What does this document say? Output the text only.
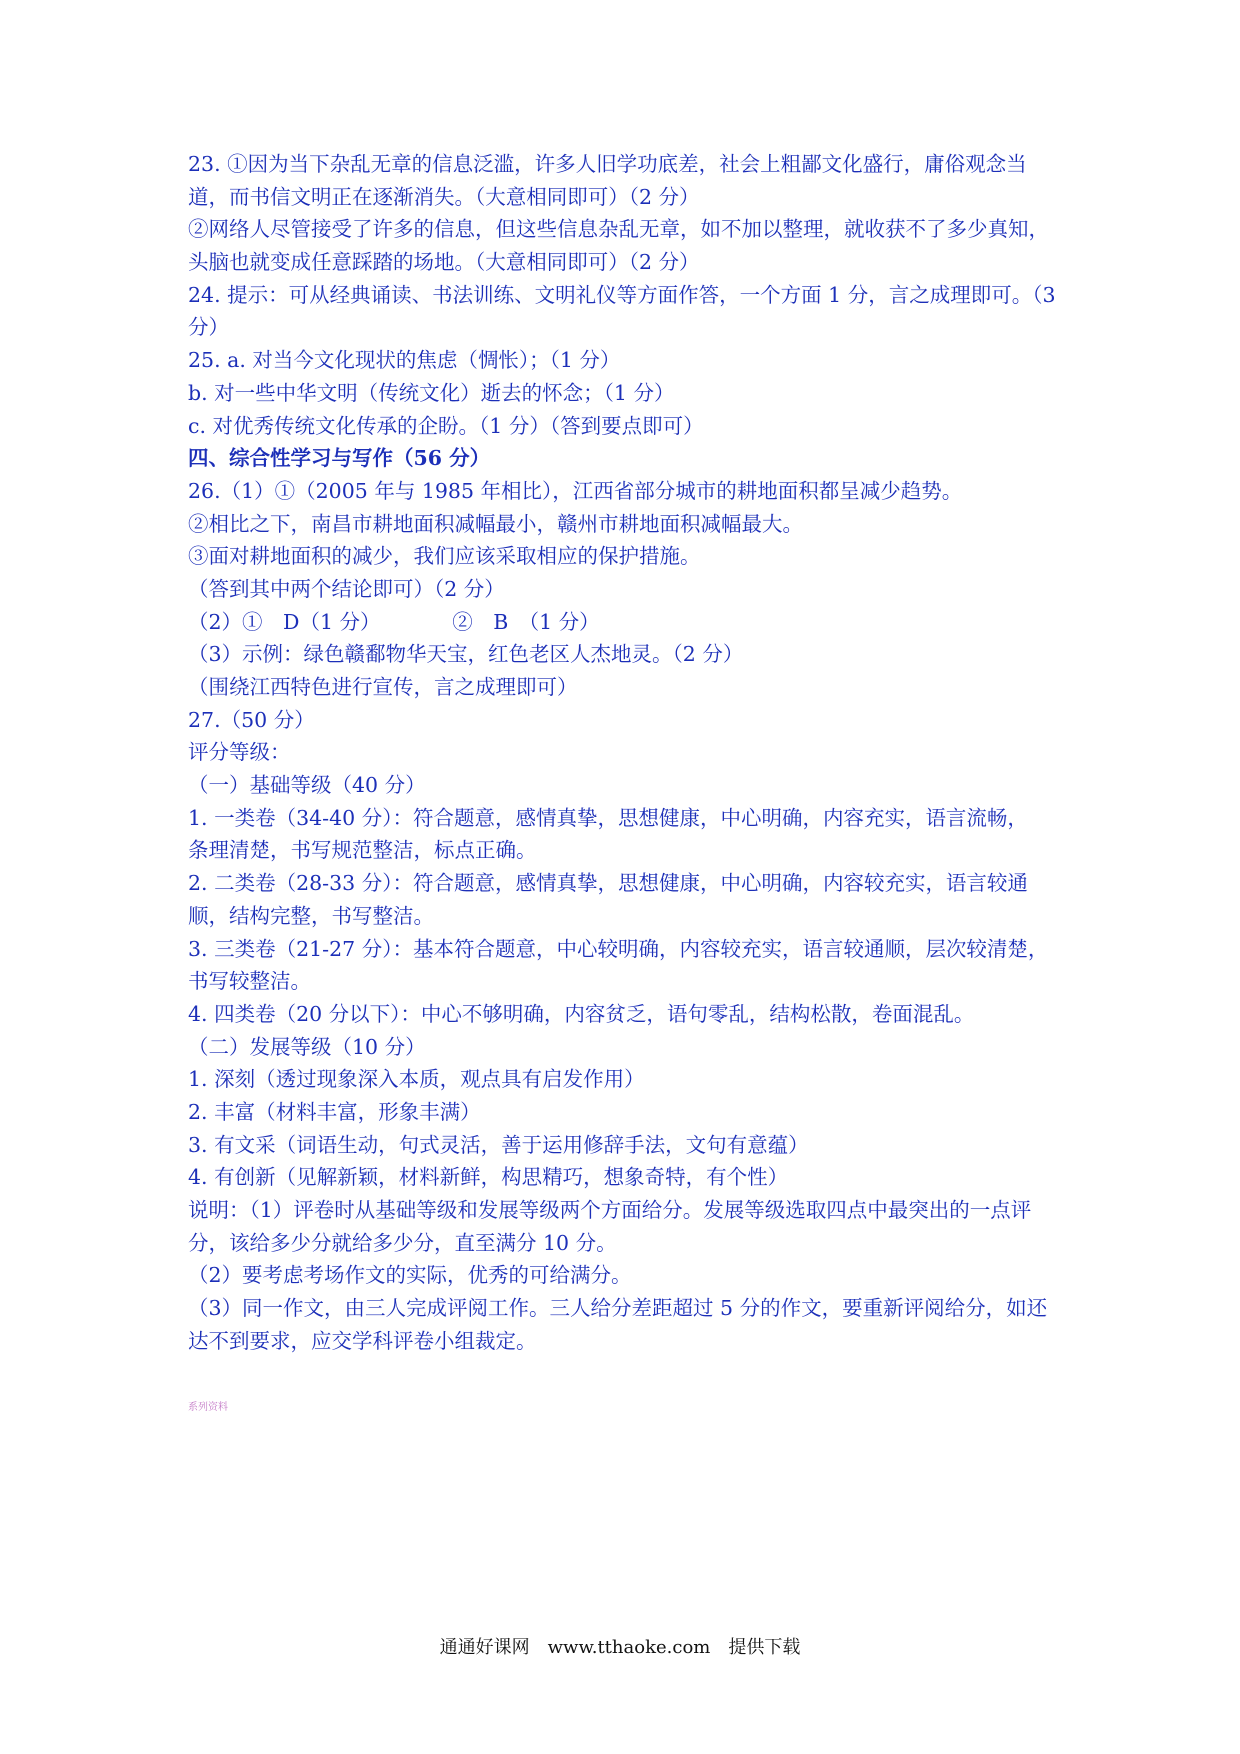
23. ①因为当下杂乱无章的信息泛滥，许多人旧学功底差，社会上粗鄙文化盛行，庸俗观念当
道，而书信文明正在逐渐消失。（大意相同即可）（2 分）
②网络人尽管接受了许多的信息，但这些信息杂乱无章，如不加以整理，就收获不了多少真知，
头脑也就变成任意踩踏的场地。（大意相同即可）（2 分）
24. 提示：可从经典诵读、书法训练、文明礼仪等方面作答，一个方面 1 分，言之成理即可。（3
分）
25. a. 对当今文化现状的焦虑（惆怅）；（1 分）
b. 对一些中华文明（传统文化）逝去的怀念；（1 分）
c. 对优秀传统文化传承的企盼。（1 分）（答到要点即可）
四、综合性学习与写作（56 分）
26.（1）①（2005 年与 1985 年相比），江西省部分城市的耕地面积都呈减少趋势。
②相比之下，南昌市耕地面积减幅最小，赣州市耕地面积减幅最大。
③面对耕地面积的减少，我们应该采取相应的保护措施。
（答到其中两个结论即可）（2 分）
（2）①　D（1 分）　　　　②　B　（1 分）
（3）示例：绿色赣鄱物华天宝，红色老区人杰地灵。（2 分）
（围绕江西特色进行宣传，言之成理即可）
27.（50 分）
评分等级：
（一）基础等级（40 分）
1. 一类卷（34-40 分）：符合题意，感情真挚，思想健康，中心明确，内容充实，语言流畅，
条理清楚，书写规范整洁，标点正确。
2. 二类卷（28-33 分）：符合题意，感情真挚，思想健康，中心明确，内容较充实，语言较通
顺，结构完整，书写整洁。
3. 三类卷（21-27 分）：基本符合题意，中心较明确，内容较充实，语言较通顺，层次较清楚，
书写较整洁。
4. 四类卷（20 分以下）：中心不够明确，内容贫乏，语句零乱，结构松散，卷面混乱。
（二）发展等级（10 分）
1. 深刻（透过现象深入本质，观点具有启发作用）
2. 丰富（材料丰富，形象丰满）
3. 有文采（词语生动，句式灵活，善于运用修辞手法，文句有意蕴）
4. 有创新（见解新颖，材料新鲜，构思精巧，想象奇特，有个性）
说明：（1）评卷时从基础等级和发展等级两个方面给分。发展等级选取四点中最突出的一点评
分，该给多少分就给多少分，直至满分 10 分。
（2）要考虑考场作文的实际，优秀的可给满分。
（3）同一作文，由三人完成评阅工作。三人给分差距超过 5 分的作文，要重新评阅给分，如还
达不到要求，应交学科评卷小组裁定。
系列资料
通通好课网　www.tthaoke.com　提供下载
